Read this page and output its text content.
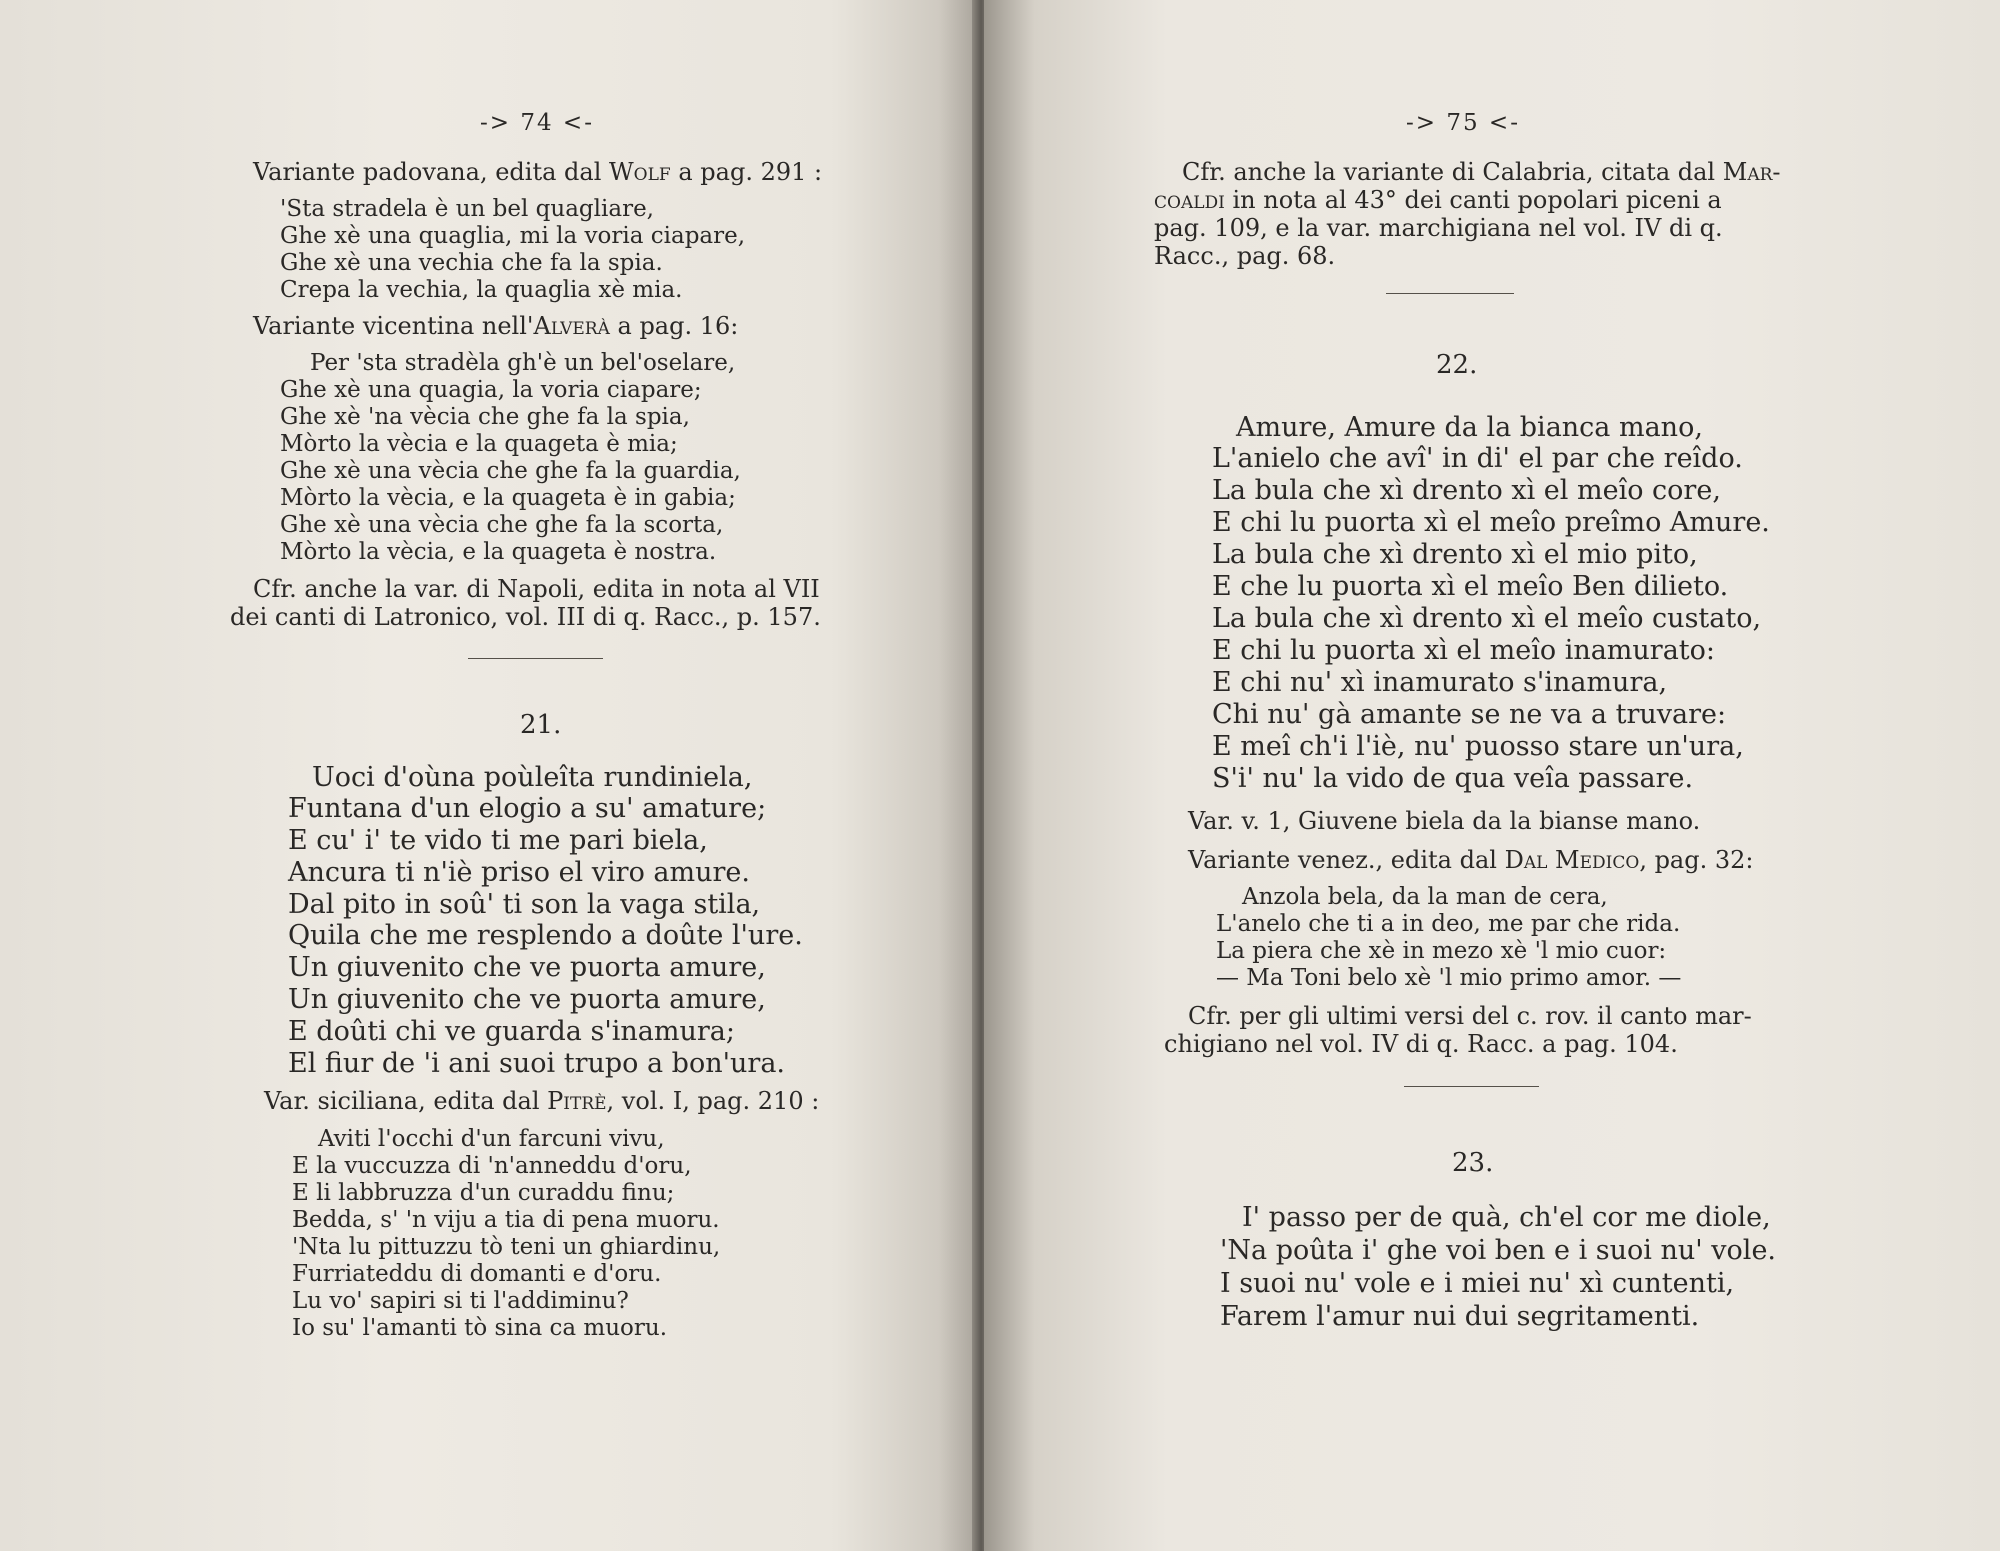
-> 74 <-
Variante padovana, edita dal Wolf a pag. 291 :
'Sta stradela è un bel quagliare,
Ghe xè una quaglia, mi la voria ciapare,
Ghe xè una vechia che fa la spia.
Crepa la vechia, la quaglia xè mia.
Variante vicentina nell'Alverà a pag. 16:
Per 'sta stradèla gh'è un bel'oselare,
Ghe xè una quagia, la voria ciapare;
Ghe xè 'na vècia che ghe fa la spia,
Mòrto la vècia e la quageta è mia;
Ghe xè una vècia che ghe fa la guardia,
Mòrto la vècia, e la quageta è in gabia;
Ghe xè una vècia che ghe fa la scorta,
Mòrto la vècia, e la quageta è nostra.
Cfr. anche la var. di Napoli, edita in nota al VII
dei canti di Latronico, vol. III di q. Racc., p. 157.
21.
Uoci d'oùna poùleîta rundiniela,
Funtana d'un elogio a su' amature;
E cu' i' te vido ti me pari biela,
Ancura ti n'iè priso el viro amure.
Dal pito in soû' ti son la vaga stila,
Quila che me resplendo a doûte l'ure.
Un giuvenito che ve puorta amure,
Un giuvenito che ve puorta amure,
E doûti chi ve guarda s'inamura;
El fiur de 'i ani suoi trupo a bon'ura.
Var. siciliana, edita dal Pitrè, vol. I, pag. 210 :
Aviti l'occhi d'un farcuni vivu,
E la vuccuzza di 'n'anneddu d'oru,
E li labbruzza d'un curaddu finu;
Bedda, s' 'n viju a tia di pena muoru.
'Nta lu pittuzzu tò teni un ghiardinu,
Furriateddu di domanti e d'oru.
Lu vo' sapiri si ti l'addiminu?
Io su' l'amanti tò sina ca muoru.
-> 75 <-
Cfr. anche la variante di Calabria, citata dal Mar-
coaldi in nota al 43° dei canti popolari piceni a
pag. 109, e la var. marchigiana nel vol. IV di q.
Racc., pag. 68.
22.
Amure, Amure da la bianca mano,
L'anielo che avî' in di' el par che reîdo.
La bula che xì drento xì el meîo core,
E chi lu puorta xì el meîo preîmo Amure.
La bula che xì drento xì el mio pito,
E che lu puorta xì el meîo Ben dilieto.
La bula che xì drento xì el meîo custato,
E chi lu puorta xì el meîo inamurato:
E chi nu' xì inamurato s'inamura,
Chi nu' gà amante se ne va a truvare:
E meî ch'i l'iè, nu' puosso stare un'ura,
S'i' nu' la vido de qua veîa passare.
Var. v. 1, Giuvene biela da la bianse mano.
Variante venez., edita dal Dal Medico, pag. 32:
Anzola bela, da la man de cera,
L'anelo che ti a in deo, me par che rida.
La piera che xè in mezo xè 'l mio cuor:
— Ma Toni belo xè 'l mio primo amor. —
Cfr. per gli ultimi versi del c. rov. il canto mar-
chigiano nel vol. IV di q. Racc. a pag. 104.
23.
I' passo per de quà, ch'el cor me diole,
'Na poûta i' ghe voi ben e i suoi nu' vole.
I suoi nu' vole e i miei nu' xì cuntenti,
Farem l'amur nui dui segritamenti.
